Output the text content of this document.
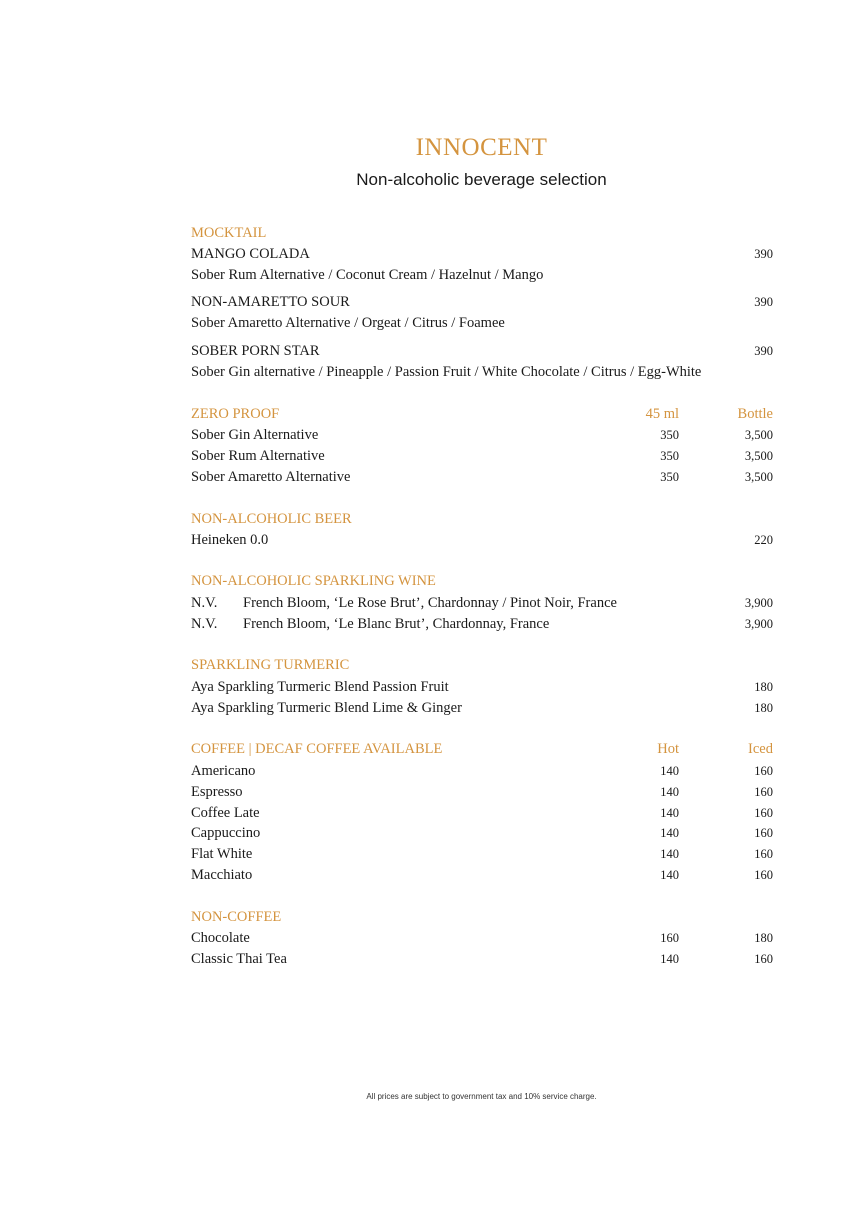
INNOCENT
Non-alcoholic beverage selection
MOCKTAIL
MANGO COLADA	390
Sober Rum Alternative / Coconut Cream / Hazelnut / Mango
NON-AMARETTO SOUR	390
Sober Amaretto Alternative / Orgeat / Citrus / Foamee
SOBER PORN STAR	390
Sober Gin alternative / Pineapple / Passion Fruit / White Chocolate / Citrus / Egg-White
ZERO PROOF	45 ml	Bottle
Sober Gin Alternative	350	3,500
Sober Rum Alternative	350	3,500
Sober Amaretto Alternative	350	3,500
NON-ALCOHOLIC BEER
Heineken 0.0	220
NON-ALCOHOLIC SPARKLING WINE
N.V. French Bloom, ‘Le Rose Brut’, Chardonnay / Pinot Noir, France	3,900
N.V. French Bloom, ‘Le Blanc Brut’, Chardonnay, France	3,900
SPARKLING TURMERIC
Aya Sparkling Turmeric Blend Passion Fruit	180
Aya Sparkling Turmeric Blend Lime & Ginger	180
COFFEE | DECAF COFFEE AVAILABLE	Hot	Iced
Americano	140	160
Espresso	140	160
Coffee Late	140	160
Cappuccino	140	160
Flat White	140	160
Macchiato	140	160
NON-COFFEE
Chocolate	160	180
Classic Thai Tea	140	160
All prices are subject to government tax and 10% service charge.
